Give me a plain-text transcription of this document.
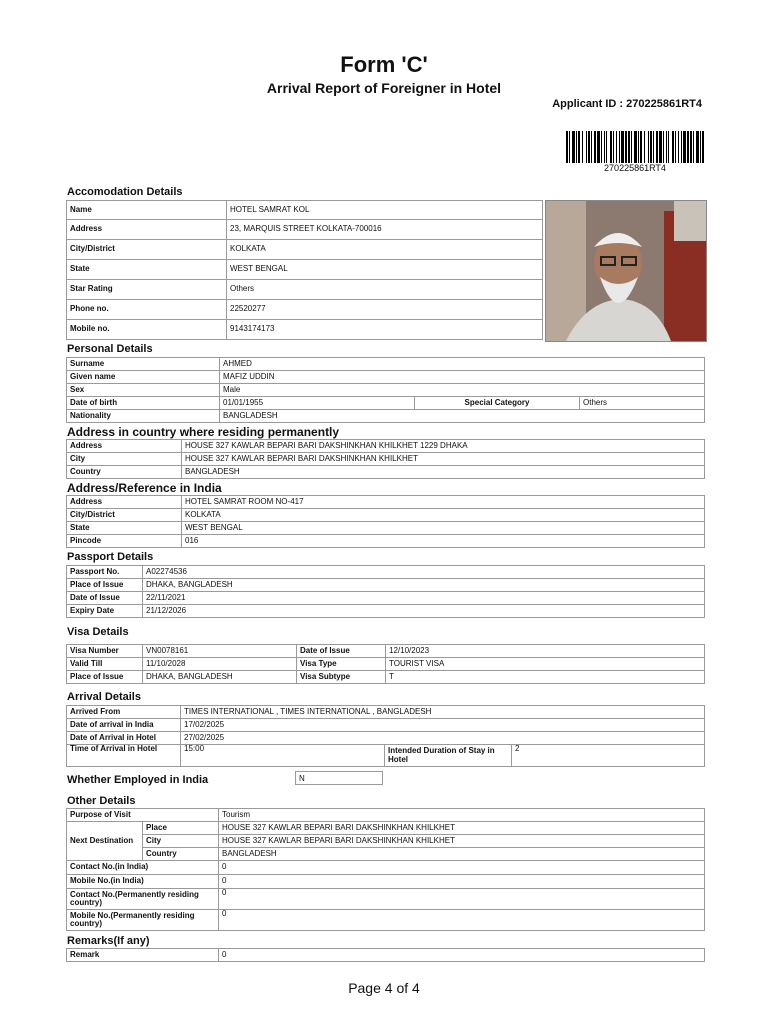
Form 'C'
Arrival Report of Foreigner in Hotel
Applicant ID : 270225861RT4
270225861RT4
Accomodation Details
Name	HOTEL SAMRAT KOL
Address	23, MARQUIS STREET KOLKATA-700016
City/District	KOLKATA
State	WEST BENGAL
Star Rating	Others
Phone no.	22520277
Mobile no.	9143174173
Personal Details
Surname	AHMED		
Given name	MAFIZ UDDIN		
Sex	Male		
Date of birth	01/01/1955	Special Category	Others
Nationality	BANGLADESH		
Address in country where residing permanently
Address	HOUSE 327 KAWLAR BEPARI BARI DAKSHINKHAN KHILKHET 1229 DHAKA
City	HOUSE 327 KAWLAR BEPARI BARI DAKSHINKHAN KHILKHET
Country	BANGLADESH
Address/Reference in India
Address	HOTEL SAMRAT ROOM NO-417
City/District	KOLKATA
State	WEST BENGAL
Pincode	016
Passport Details
Passport No.	A02274536
Place of Issue	DHAKA, BANGLADESH
Date of Issue	22/11/2021
Expiry Date	21/12/2026
Visa Details
Visa Number	VN0078161	Date of Issue	12/10/2023
Valid Till	11/10/2028	Visa Type	TOURIST VISA
Place of Issue	DHAKA, BANGLADESH	Visa Subtype	T
Arrival Details
Arrived From	TIMES INTERNATIONAL , TIMES INTERNATIONAL , BANGLADESH		
Date of arrival in India	17/02/2025		
Date of Arrival in Hotel	27/02/2025		
Time of Arrival in Hotel	15:00	Intended Duration of Stay in Hotel	2
Whether Employed in India	N
Other Details
Purpose of Visit		Tourism
Next Destination	Place	HOUSE 327 KAWLAR BEPARI BARI DAKSHINKHAN KHILKHET
	City	HOUSE 327 KAWLAR BEPARI BARI DAKSHINKHAN KHILKHET
	Country	BANGLADESH
Contact No.(in India)		0
Mobile No.(in India)		0
Contact No.(Permanently residing country)		0
Mobile No.(Permanently residing country)		0
Remarks(If any)
Remark	0
Page 4 of 4
